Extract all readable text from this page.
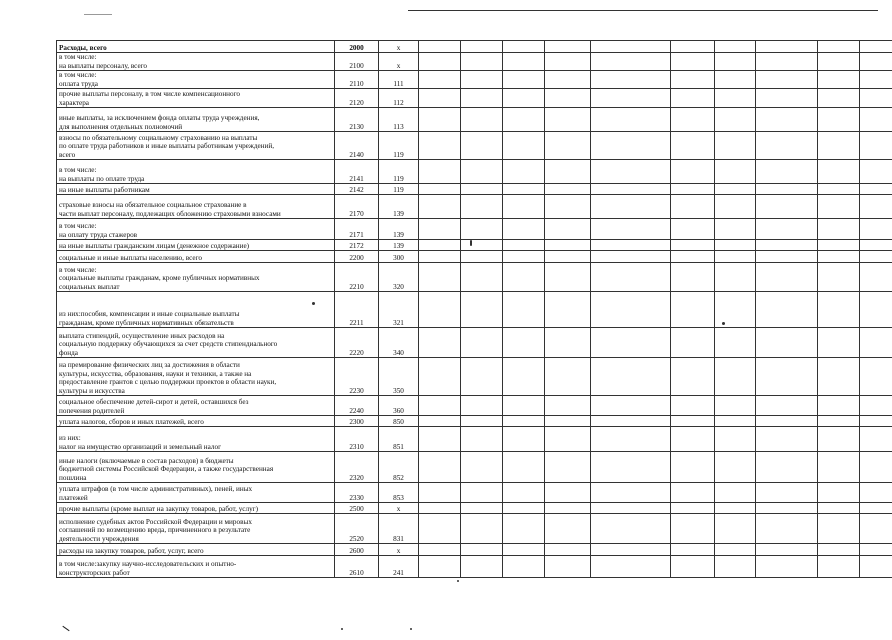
Расходы, всего	2000	x										

в том числе:
на выплаты персоналу, всего	2100	x										

в том числе:
оплата труда	2110	111										

прочие выплаты персоналу, в том числе компенсационного
характера	2120	112										

иные выплаты, за исключением фонда оплаты труда учреждения,
для выполнения отдельных полномочий	2130	113										

взносы по обязательному социальному страхованию на выплаты
по оплате труда работников и иные выплаты работникам учреждений,
всего	2140	119										

в том числе:
на выплаты по оплате труда	2141	119										

на иные выплаты работникам	2142	119										

страховые взносы на обязательное социальное страхование в
части выплат персоналу, подлежащих обложению страховыми взносами	2170	139										

в том числе:
на оплату труда стажеров	2171	139										

на иные выплаты гражданским лицам (денежное содержание)	2172	139										

социальные и иные выплаты населению, всего	2200	300										

в том числе:
социальные выплаты гражданам, кроме публичных нормативных
социальных выплат	2210	320										

из них:пособия, компенсации и иные социальные выплаты
гражданам, кроме публичных нормативных обязательств	2211	321										

выплата стипендий, осуществление иных расходов на
социальную поддержку обучающихся за счет средств стипендиального
фонда	2220	340										

на премирование физических лиц за достижения в области
культуры, искусства, образования, науки и техники, а также на
предоставление грантов с целью поддержки проектов в области науки,
культуры и искусства	2230	350										

социальное обеспечение детей-сирот и детей, оставшихся без
попечения родителей	2240	360										

уплата налогов, сборов и иных платежей, всего	2300	850										

из них:
налог на имущество организаций и земельный налог	2310	851										

иные налоги (включаемые в состав расходов) в бюджеты
бюджетной системы Российской Федерации, а также государственная
пошлина	2320	852										

уплата штрафов (в том числе административных), пеней, иных
платежей	2330	853										

прочие выплаты (кроме выплат на закупку товаров, работ, услуг)	2500	x										

исполнение судебных актов Российской Федерации и мировых
соглашений по возмещению вреда, причиненного в результате
деятельности учреждения	2520	831										

расходы на закупку товаров, работ, услуг, всего	2600	x										

в том числе:закупку научно-исследовательских и опытно-
конструкторских работ	2610	241										
